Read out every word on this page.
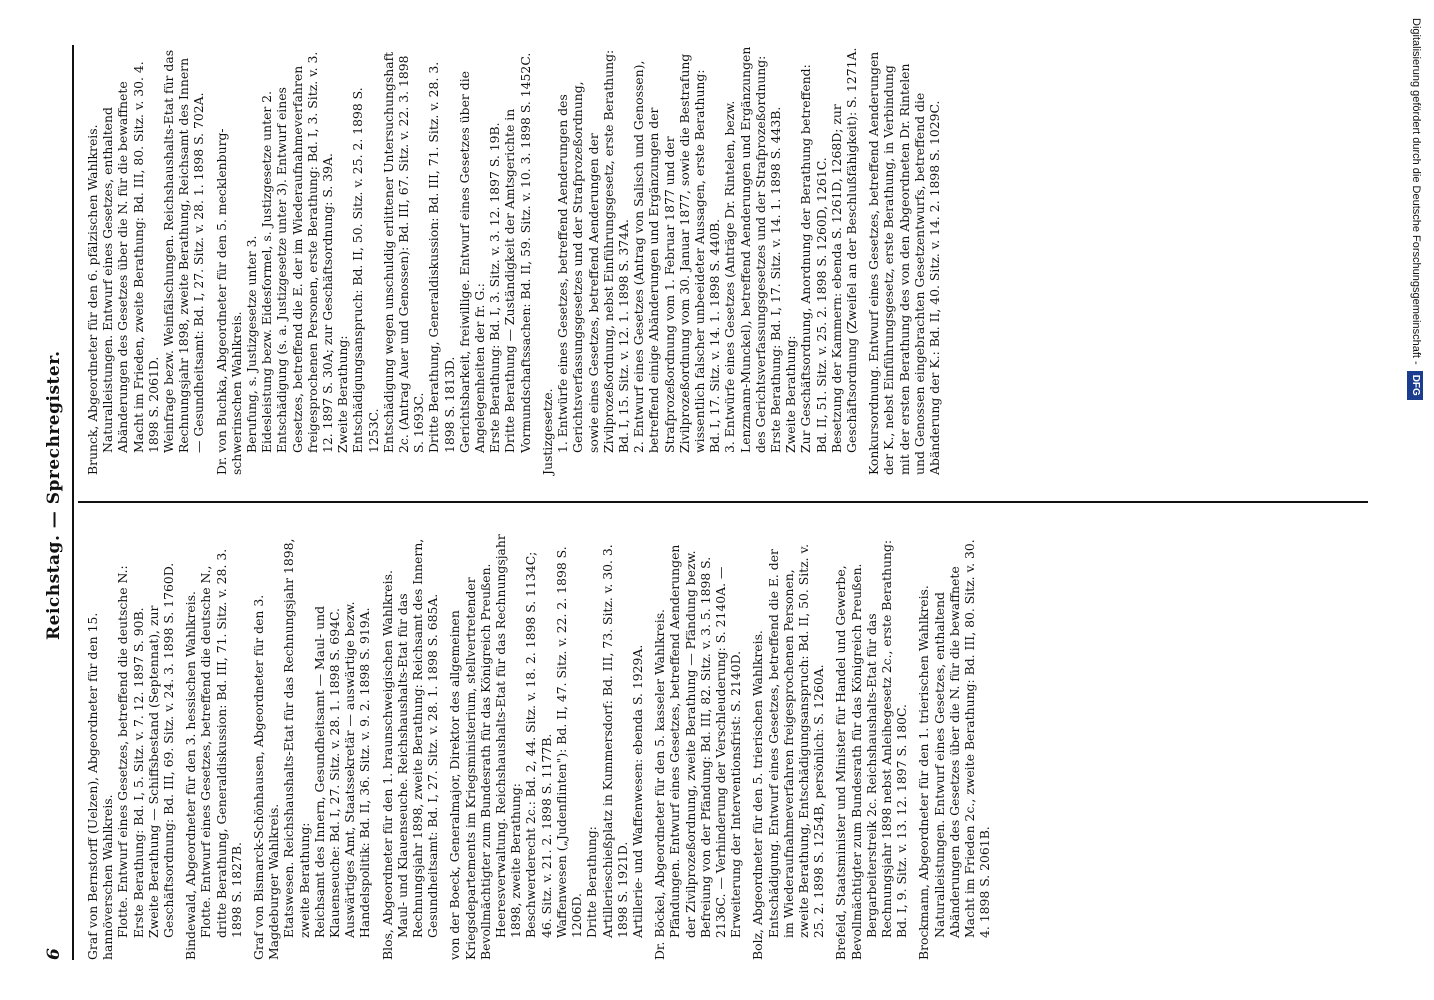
6
Reichstag. — Sprechregister.

Graf von Bernstorff (Uelzen), Abgeordneter für den 15. hannöverschen Wahlkreis. Flotte. Entwurf eines Gesetzes, betreffend die deutsche N.: Erste Berathung: Bd. I, 5. Sitz. v. 7. 12. 1897 S. 90B. Zweite Berathung — Schiffsbestand (Septennat), zur Geschäftsordnung: Bd. III, 69. Sitz. v. 24. 3. 1898 S. 1760D. Bindewald, Abgeordneter für den 3. hessischen Wahlkreis. Flotte. Entwurf eines Gesetzes, betreffend die deutsche N., dritte Berathung, Generaldiskussion: Bd. III, 71. Sitz. v. 28. 3. 1898 S. 1827B. Graf von Bismarck-Schönhausen, Abgeordneter für den 3. Magdeburger Wahlkreis. Etatswesen. Reichshaushalts-Etat für das Rechnungsjahr 1898, zweite Berathung: Reichsamt des Innern, Gesundheitsamt — Maul- und Klauenseuche: Bd. I, 27. Sitz. v. 28. 1. 1898 S. 694C. Auswärtiges Amt, Staatssekretär — auswärtige bezw. Handelspolitik: Bd. II, 36. Sitz. v. 9. 2. 1898 S. 919A. Blos, Abgeordneter für den 1. braunschweigischen Wahlkreis. Maul- und Klauenseuche. Reichshaushalts-Etat für das Rechnungsjahr 1898, zweite Berathung: Reichsamt des Innern, Gesundheitsamt: Bd. I, 27. Sitz. v. 28. 1. 1898 S. 685A. von der Boeck, Generalmajor, Direktor des allgemeinen Kriegsdepartements im Kriegsministerium, stellvertretender Bevollmächtigter zum Bundesrath für das Königreich Preußen. Heeresverwaltung. Reichshaushalts-Etat für das Rechnungsjahr 1898, zweite Berathung: Beschwerderecht 2c.: Bd. 2, 44. Sitz. v. 18. 2. 1898 S. 1134C; 46. Sitz. v. 21. 2. 1898 S. 1177B. Waffenwesen („Judenflinten"): Bd. II, 47. Sitz. v. 22. 2. 1898 S. 1206D. Dritte Berathung: Artillerieschießplatz in Kummersdorf: Bd. III, 73. Sitz. v. 30. 3. 1898 S. 1921D. Artillerie- und Waffenwesen: ebenda S. 1929A. Dr. Böckel, Abgeordneter für den 5. kasseler Wahlkreis. Pfändungen. Entwurf eines Gesetzes, betreffend Aenderungen der Zivilprozeßordnung, zweite Berathung — Pfändung bezw. Befreiung von der Pfändung: Bd. III, 82. Sitz. v. 3. 5. 1898 S. 2136C. — Verhinderung der Verschleuderung: S. 2140A. — Erweiterung der Interventionsfrist: S. 2140D. Bolz, Abgeordneter für den 5. trierischen Wahlkreis. Entschädigung. Entwurf eines Gesetzes, betreffend die E. der im Wiederaufnahmeverfahren freigesprochenen Personen, zweite Berathung, Entschädigungsanspruch: Bd. II, 50. Sitz. v. 25. 2. 1898 S. 1254B, persönlich: S. 1260A. Brefeld, Staatsminister und Minister für Handel und Gewerbe, Bevollmächtigter zum Bundesrath für das Königreich Preußen. Bergarbeiterstreik 2c. Reichshaushalts-Etat für das Rechnungsjahr 1898 nebst Anleihegesetz 2c., erste Berathung: Bd. I, 9. Sitz. v. 13. 12. 1897 S. 180C. Brockmann, Abgeordneter für den 1. trierischen Wahlkreis. Naturalleistungen. Entwurf eines Gesetzes, enthaltend Abänderungen des Gesetzes über die N. für die bewaffnete Macht im Frieden 2c., zweite Berathung: Bd. III, 80. Sitz. v. 30. 4. 1898 S. 2061B.

Brunck, Abgeordneter für den 6. pfälzischen Wahlkreis. Naturalleistungen. Entwurf eines Gesetzes, enthaltend Abänderungen des Gesetzes über die N. für die bewaffnete Macht im Frieden, zweite Berathung: Bd. III, 80. Sitz. v. 30. 4. 1898 S. 2061D. Weinfrage bezw. Weinfälschungen. Reichshaushalts-Etat für das Rechnungsjahr 1898, zweite Berathung, Reichsamt des Innern — Gesundheitsamt: Bd. I, 27. Sitz. v. 28. 1. 1898 S. 702A. Dr. von Buchka, Abgeordneter für den 5. mecklenburg-schwerinschen Wahlkreis. Berufung, s. Justizgesetze unter 3. Eidesleistung bezw. Eidesformel, s. Justizgesetze unter 2. Entschädigung (s. a. Justizgesetze unter 3). Entwurf eines Gesetzes, betreffend die E. der im Wiederaufnahmeverfahren freigesprochenen Personen, erste Berathung: Bd. I, 3. Sitz. v. 3. 12. 1897 S. 30A; zur Geschäftsordnung: S. 39A. Zweite Berathung: Entschädigungsanspruch: Bd. II, 50. Sitz. v. 25. 2. 1898 S. 1253C. Entschädigung wegen unschuldig erlittener Untersuchungshaft 2c. (Antrag Auer und Genossen): Bd. III, 67. Sitz. v. 22. 3. 1898 S. 1693C. Dritte Berathung, Generaldiskussion: Bd. III, 71. Sitz. v. 28. 3. 1898 S. 1813D. Gerichtsbarkeit, freiwillige. Entwurf eines Gesetzes über die Angelegenheiten der fr. G.: Erste Berathung: Bd. I, 3. Sitz. v. 3. 12. 1897 S. 19B. Dritte Berathung — Zuständigkeit der Amtsgerichte in Vormundschaftssachen: Bd. II, 59. Sitz. v. 10. 3. 1898 S. 1452C. Justizgesetze. 1. Entwürfe eines Gesetzes, betreffend Aenderungen des Gerichtsverfassungsgesetzes und der Strafprozeßordnung, sowie eines Gesetzes, betreffend Aenderungen der Zivilprozeßordnung, nebst Einführungsgesetz, erste Berathung: Bd. I, 15. Sitz. v. 12. 1. 1898 S. 374A. 2. Entwurf eines Gesetzes (Antrag von Salisch und Genossen), betreffend einige Abänderungen und Ergänzungen der Strafprozeßordnung vom 1. Februar 1877 und der Zivilprozeßordnung vom 30. Januar 1877, sowie die Bestrafung wissentlich falscher unbeeideter Aussagen, erste Berathung: Bd. I, 17. Sitz. v. 14. 1. 1898 S. 440B. 3. Entwürfe eines Gesetzes (Anträge Dr. Rintelen, bezw. Lenzmann-Munckel), betreffend Aenderungen und Ergänzungen des Gerichtsverfassungsgesetzes und der Strafprozeßordnung: Erste Berathung: Bd. I, 17. Sitz. v. 14. 1. 1898 S. 443B. Zweite Berathung: Zur Geschäftsordnung, Anordnung der Berathung betreffend: Bd. II, 51. Sitz. v. 25. 2. 1898 S. 1260D, 1261C. Besetzung der Kammern: ebenda S. 1261D, 1268D; zur Geschäftsordnung (Zweifel an der Beschlußfähigkeit): S. 1271A. Konkursordnung. Entwurf eines Gesetzes, betreffend Aenderungen der K., nebst Einführungsgesetz, erste Berathung, in Verbindung mit der ersten Berathung des von den Abgeordneten Dr. Rintelen und Genossen eingebrachten Gesetzentwurfs, betreffend die Abänderung der K.: Bd. II, 40. Sitz. v. 14. 2. 1898 S. 1029C.	Digitalisierung gefördert durch die Deutsche Forschungsgemeinschaft -DFG
